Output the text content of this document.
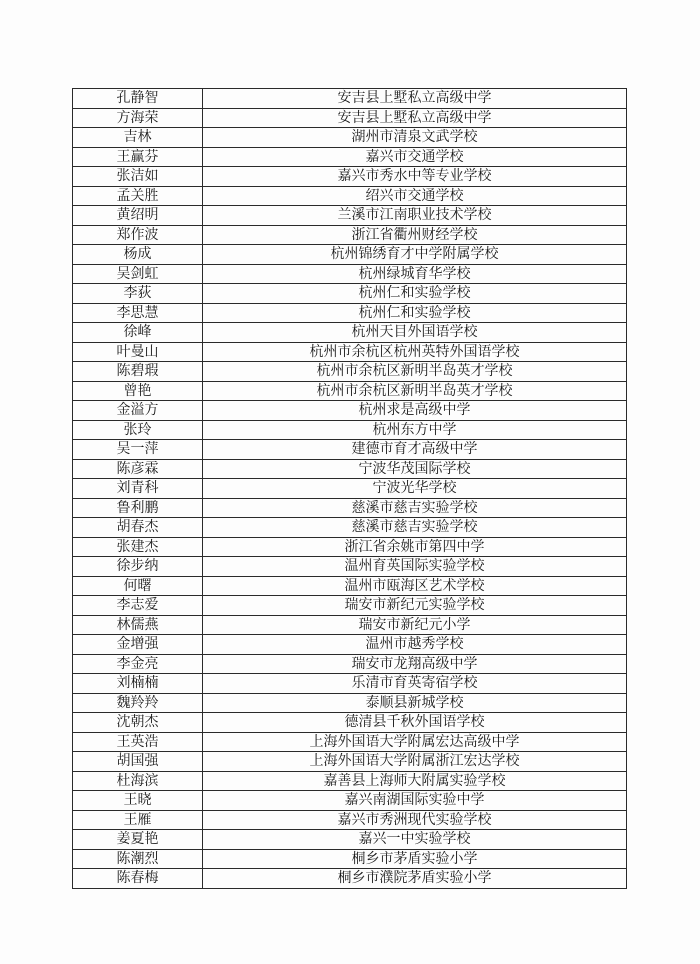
孔静智	安吉县上墅私立高级中学
方海荣	安吉县上墅私立高级中学
吉林	湖州市清泉文武学校
王赢芬	嘉兴市交通学校
张洁如	嘉兴市秀水中等专业学校
孟关胜	绍兴市交通学校
黄绍明	兰溪市江南职业技术学校
郑作波	浙江省衢州财经学校
杨成	杭州锦绣育才中学附属学校
吴剑虹	杭州绿城育华学校
李荻	杭州仁和实验学校
李思慧	杭州仁和实验学校
徐峰	杭州天目外国语学校
叶曼山	杭州市余杭区杭州英特外国语学校
陈碧瑕	杭州市余杭区新明半岛英才学校
曾艳	杭州市余杭区新明半岛英才学校
金溢方	杭州求是高级中学
张玲	杭州东方中学
吴一萍	建德市育才高级中学
陈彦霖	宁波华茂国际学校
刘青科	宁波光华学校
鲁利鹏	慈溪市慈吉实验学校
胡春杰	慈溪市慈吉实验学校
张建杰	浙江省余姚市第四中学
徐步纳	温州育英国际实验学校
何曙	温州市瓯海区艺术学校
李志爱	瑞安市新纪元实验学校
林儒燕	瑞安市新纪元小学
金增强	温州市越秀学校
李金亮	瑞安市龙翔高级中学
刘楠楠	乐清市育英寄宿学校
魏羚羚	泰顺县新城学校
沈朝杰	德清县千秋外国语学校
王英浩	上海外国语大学附属宏达高级中学
胡国强	上海外国语大学附属浙江宏达学校
杜海滨	嘉善县上海师大附属实验学校
王晓	嘉兴南湖国际实验中学
王雁	嘉兴市秀洲现代实验学校
姜夏艳	嘉兴一中实验学校
陈潮烈	桐乡市茅盾实验小学
陈春梅	桐乡市濮院茅盾实验小学
